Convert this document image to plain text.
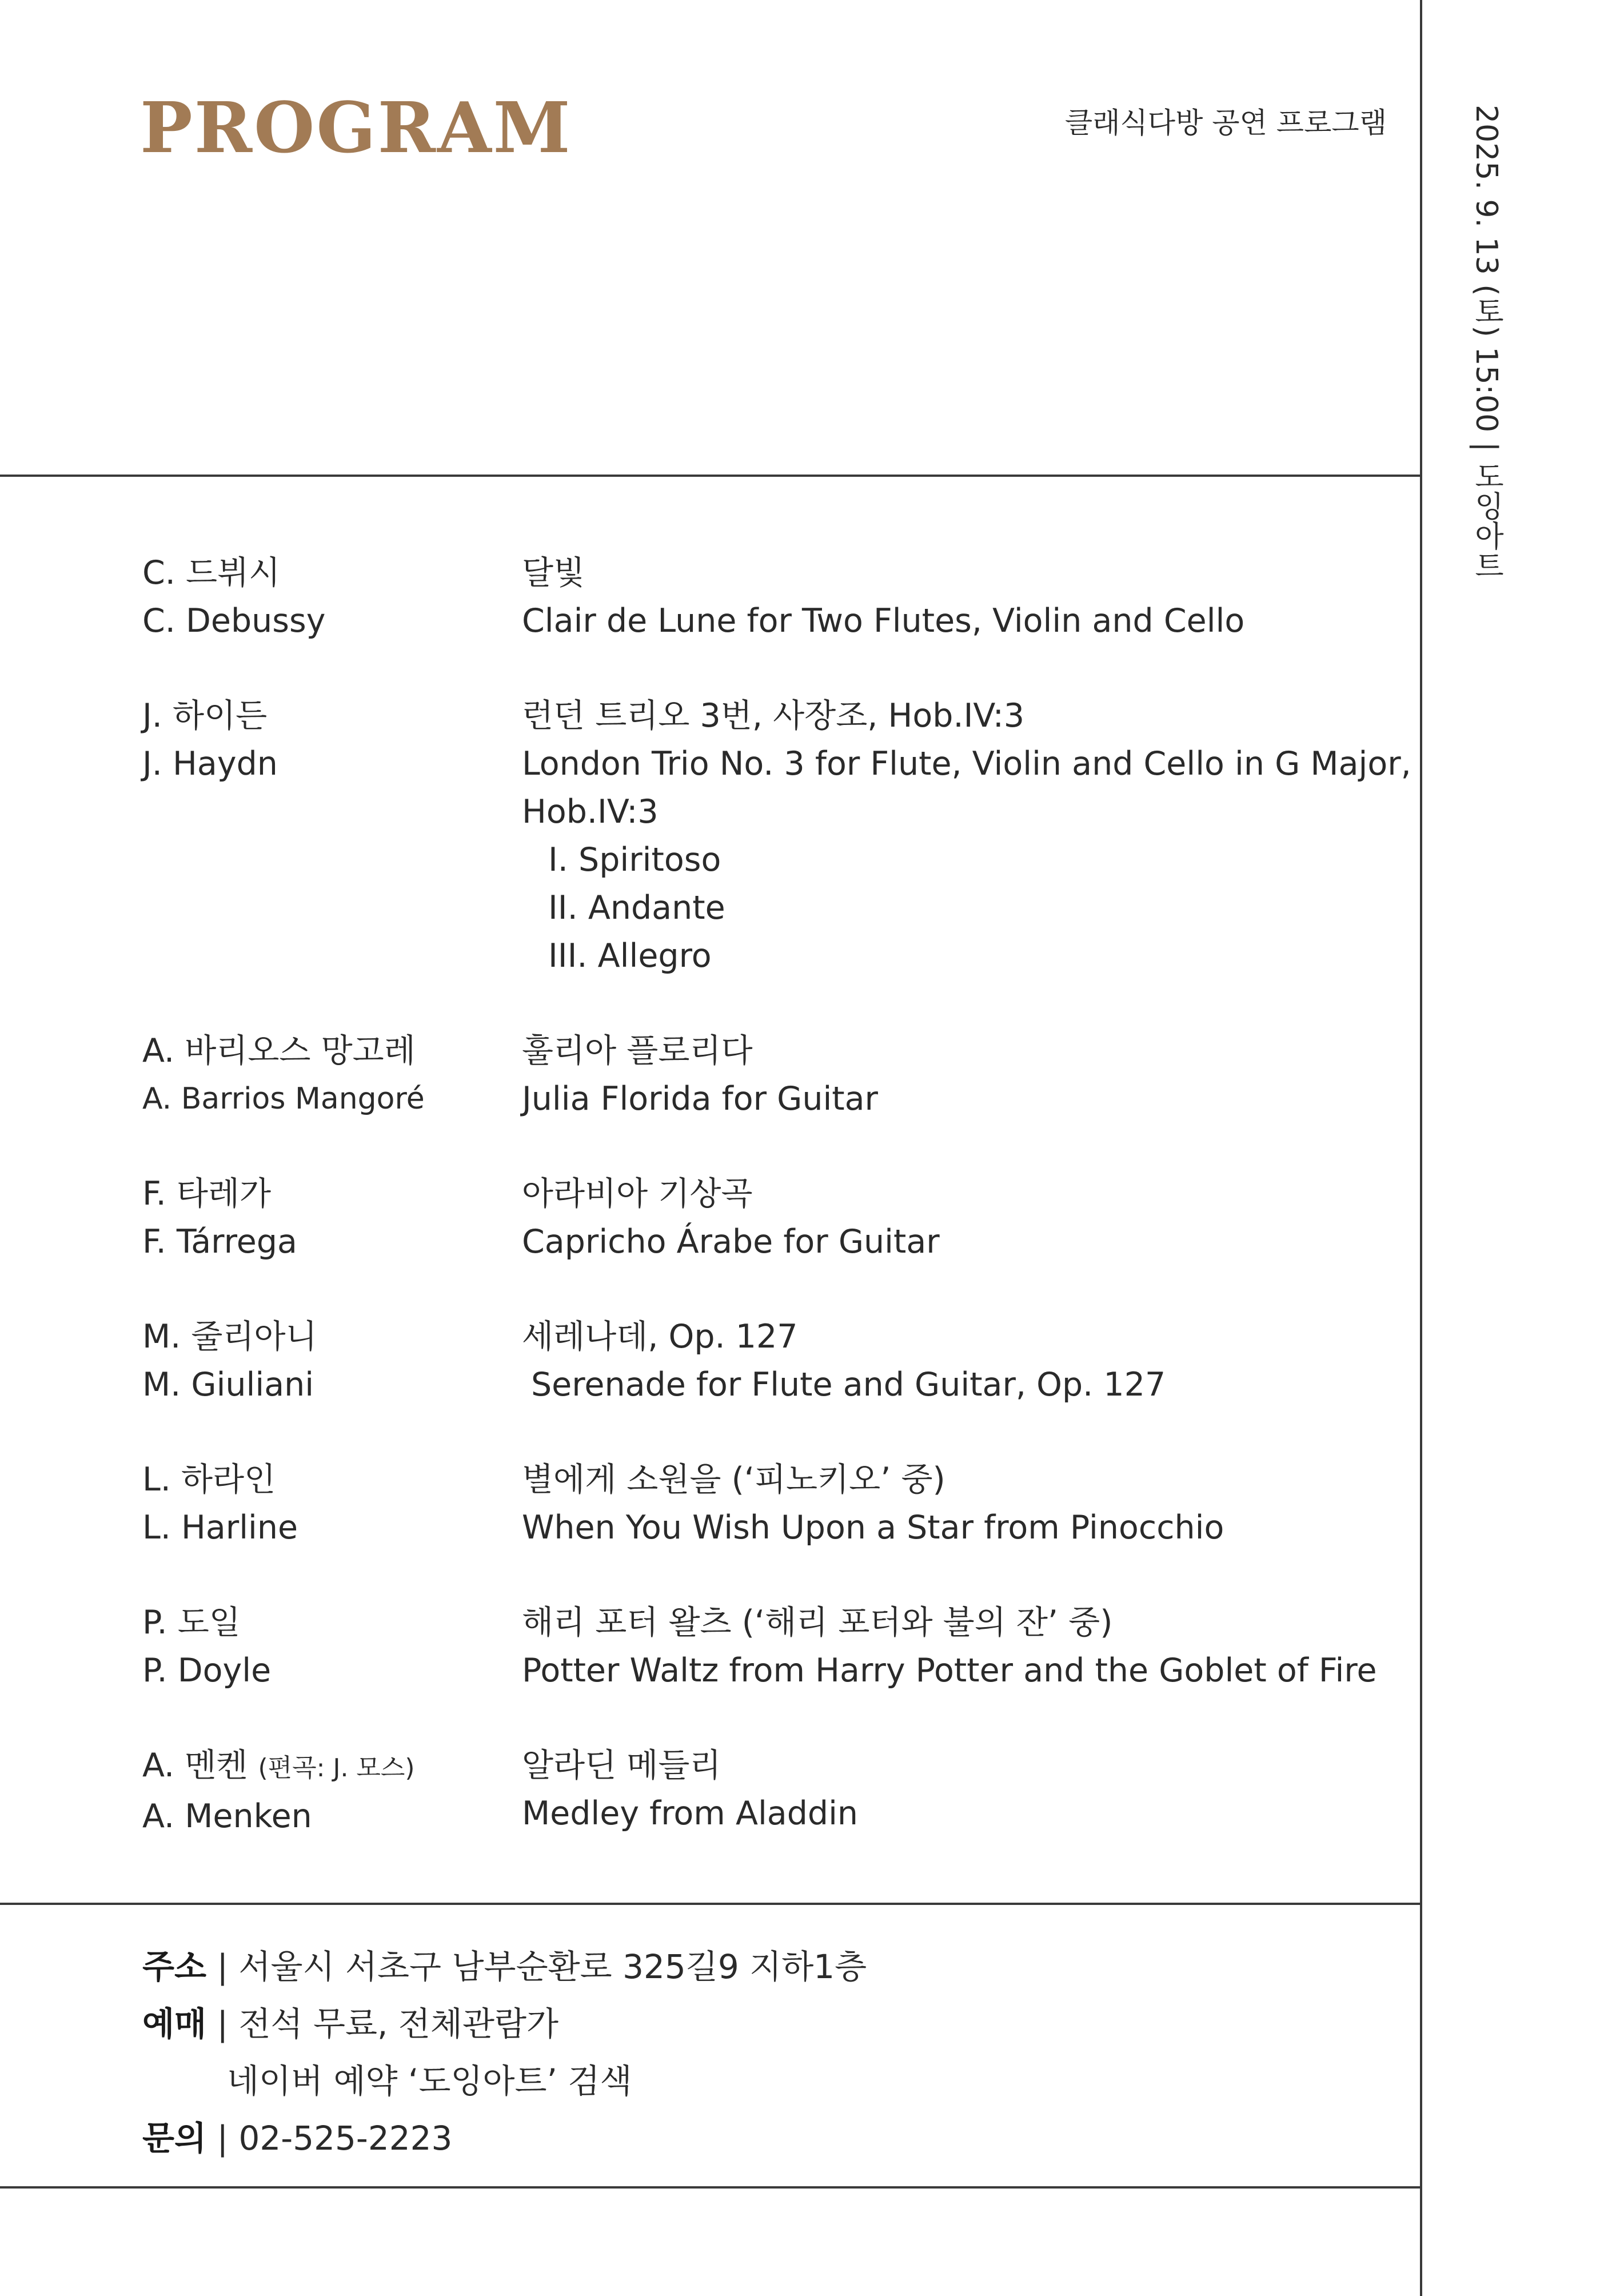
PROGRAM	클래식다방 공연 프로그램	2025. 9. 13 (토) 15:00 | 도잉아트
C. 드뷔시
C. Debussy
달빛
Clair de Lune for Two Flutes, Violin and Cello
J. 하이든
J. Haydn
런던 트리오 3번, 사장조, Hob.IV:3
London Trio No. 3 for Flute, Violin and Cello in G Major,
Hob.IV:3
I. Spiritoso
II. Andante
III. Allegro
A. 바리오스 망고레
A. Barrios Mangoré
훌리아 플로리다
Julia Florida for Guitar
F. 타레가
F. Tárrega
아라비아 기상곡
Capricho Árabe for Guitar
M. 줄리아니
M. Giuliani
세레나데, Op. 127
Serenade for Flute and Guitar, Op. 127
L. 하라인
L. Harline
별에게 소원을 (‘피노키오’ 중)
When You Wish Upon a Star from Pinocchio
P. 도일
P. Doyle
해리 포터 왈츠 (‘해리 포터와 불의 잔’ 중)
Potter Waltz from Harry Potter and the Goblet of Fire
A. 멘켄 (편곡: J. 모스)
A. Menken
알라딘 메들리
Medley from Aladdin
주소 | 서울시 서초구 남부순환로 325길9 지하1층
예매 | 전석 무료, 전체관람가
네이버 예약 ‘도잉아트’ 검색
문의 | 02-525-2223
